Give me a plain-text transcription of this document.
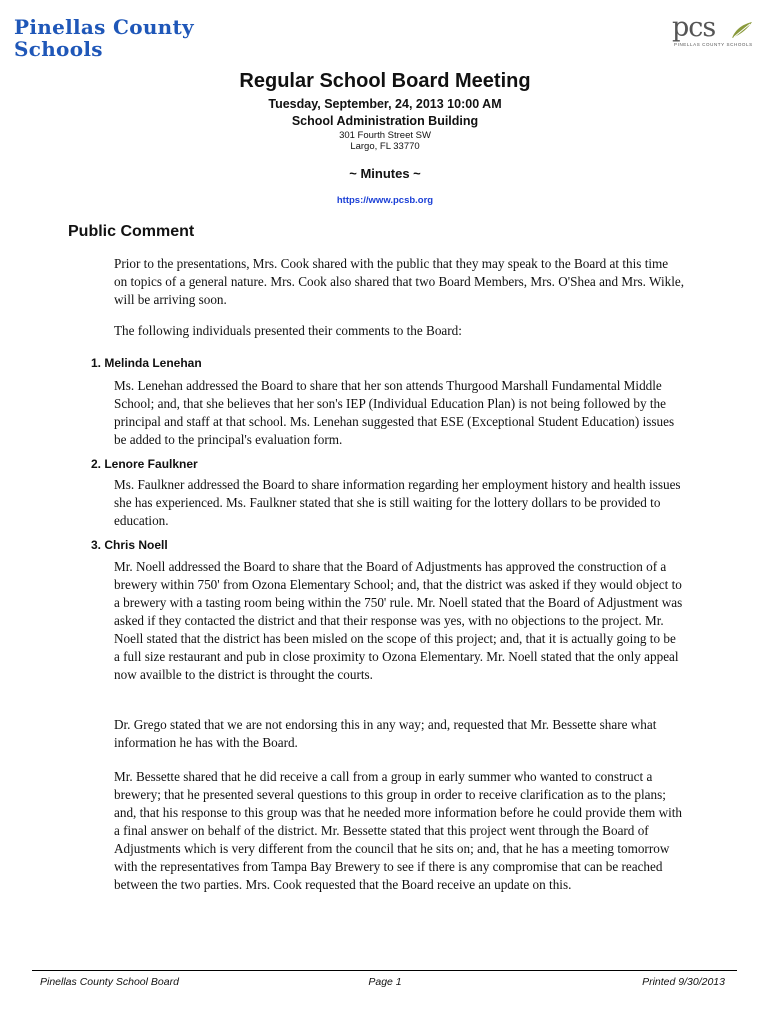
Pinellas County
Schools
pcs
PINELLAS COUNTY SCHOOLS
Regular School Board Meeting
Tuesday, September, 24, 2013 10:00 AM
School Administration Building
301 Fourth Street SW
Largo, FL 33770
~ Minutes ~
https://www.pcsb.org
Public Comment

Prior to the presentations, Mrs. Cook shared with the public that they may speak to the Board at this time on topics of a general nature. Mrs. Cook also shared that two Board Members, Mrs. O'Shea and Mrs. Wikle, will be arriving soon.

The following individuals presented their comments to the Board:

1. Melinda Lenehan

Ms. Lenehan addressed the Board to share that her son attends Thurgood Marshall Fundamental Middle School; and, that she believes that her son's IEP (Individual Education Plan) is not being followed by the principal and staff at that school. Ms. Lenehan suggested that ESE (Exceptional Student Education) issues be added to the principal's evaluation form.

2. Lenore Faulkner

Ms. Faulkner addressed the Board to share information regarding her employment history and health issues she has experienced. Ms. Faulkner stated that she is still waiting for the lottery dollars to be provided to education.

3. Chris Noell

Mr. Noell addressed the Board to share that the Board of Adjustments has approved the construction of a brewery within 750' from Ozona Elementary School; and, that the district was asked if they would object to a brewery with a tasting room being within the 750' rule. Mr. Noell stated that the Board of Adjustment was asked if they contacted the district and that their response was yes, with no objections to the project. Mr. Noell stated that the district has been misled on the scope of this project; and, that it is actually going to be a full size restaurant and pub in close proximity to Ozona Elementary. Mr. Noell stated that the only appeal now availble to the district is throught the courts.

Dr. Grego stated that we are not endorsing this in any way; and, requested that Mr. Bessette share what information he has with the Board.

Mr. Bessette shared that he did receive a call from a group in early summer who wanted to construct a brewery; that he presented several questions to this group in order to receive clarification as to the plans; and, that his response to this group was that he needed more information before he could provide them with a final answer on behalf of the district. Mr. Bessette stated that this project went through the Board of Adjustments which is very different from the council that he sits on; and, that he has a meeting tomorrow with the representatives from Tampa Bay Brewery to see if there is any compromise that can be reached between the two parties. Mrs. Cook requested that the Board receive an update on this.

Pinellas County School Board	Page 1	Printed 9/30/2013
